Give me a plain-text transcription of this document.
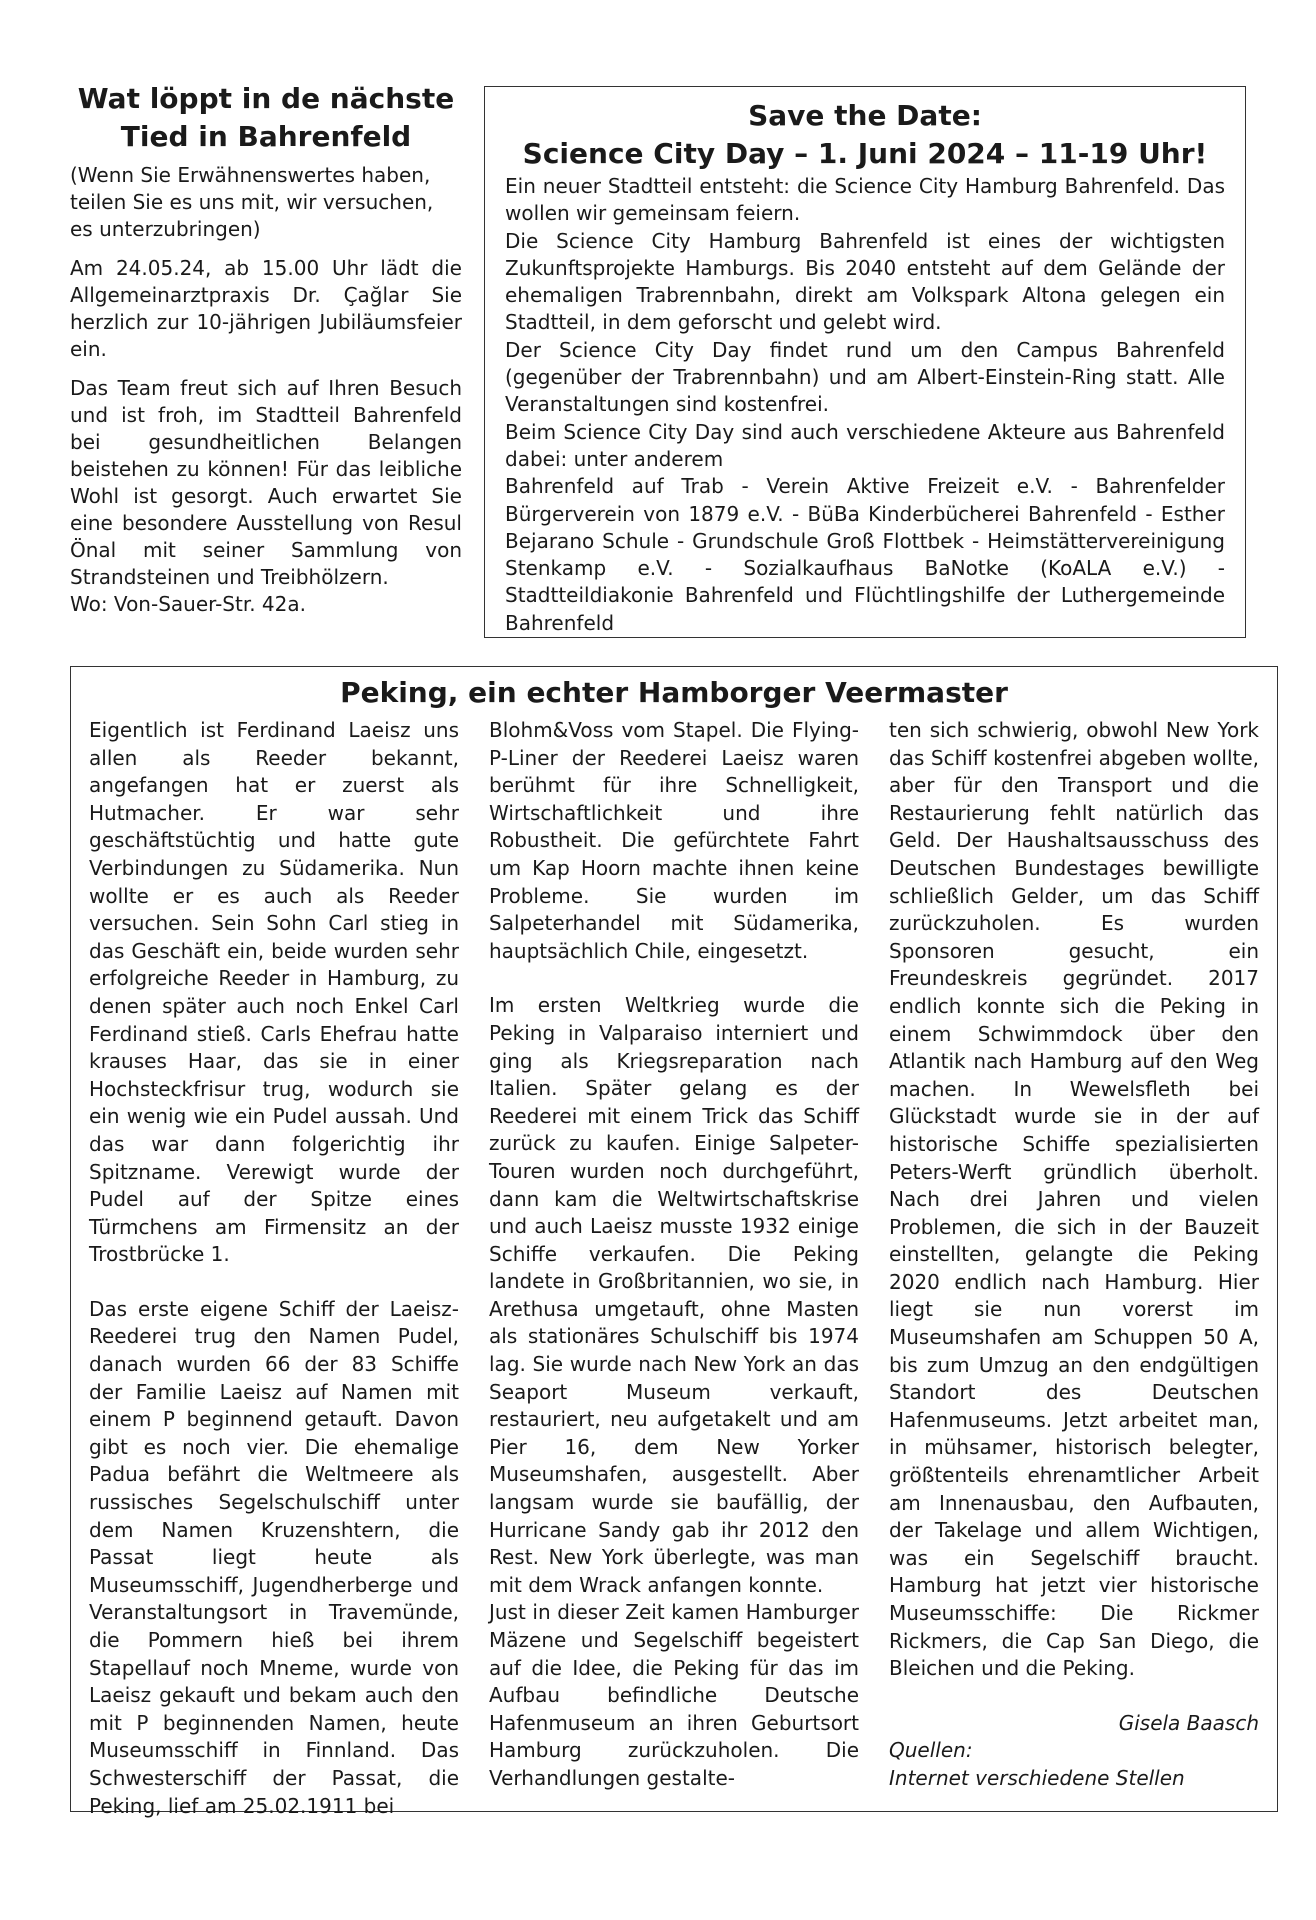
Wat löppt in de nächste
Tied in Bahrenfeld

(Wenn Sie Erwähnenswertes haben, teilen Sie es uns mit, wir versuchen, es unterzubringen)

Am 24.05.24, ab 15.00 Uhr lädt die Allgemeinarztpraxis Dr. Çağlar Sie herzlich zur 10-jährigen Jubiläumsfeier ein.

Das Team freut sich auf Ihren Besuch und ist froh, im Stadtteil Bahrenfeld bei gesundheitlichen Belangen beistehen zu können! Für das leibliche Wohl ist gesorgt. Auch erwartet Sie eine besondere Ausstellung von Resul Önal mit seiner Sammlung von Strandsteinen und Treibhölzern.

Wo: Von-Sauer-Str. 42a.

Save the Date:
Science City Day – 1. Juni 2024 – 11-19 Uhr!

Ein neuer Stadtteil entsteht: die Science City Hamburg Bahrenfeld. Das wollen wir gemeinsam feiern.

Die Science City Hamburg Bahrenfeld ist eines der wichtigsten Zukunftsprojekte Hamburgs. Bis 2040 entsteht auf dem Gelände der ehemaligen Trabrennbahn, direkt am Volkspark Altona gelegen ein Stadtteil, in dem geforscht und gelebt wird.

Der Science City Day findet rund um den Campus Bahrenfeld (gegenüber der Trabrennbahn) und am Albert-Einstein-Ring statt. Alle Veranstaltungen sind kostenfrei.

Beim Science City Day sind auch verschiedene Akteure aus Bahrenfeld dabei: unter anderem

Bahrenfeld auf Trab - Verein Aktive Freizeit e.V. - Bahrenfelder Bürgerverein von 1879 e.V. - BüBa Kinderbücherei Bahrenfeld - Esther Bejarano Schule - Grundschule Groß Flottbek - Heimstättervereinigung Stenkamp e.V. - Sozialkaufhaus BaNotke (KoALA e.V.) - Stadtteildiakonie Bahrenfeld und Flüchtlingshilfe der Luthergemeinde Bahrenfeld

Peking, ein echter Hamborger Veermaster

Eigentlich ist Ferdinand Laeisz uns allen als Reeder bekannt, angefangen hat er zuerst als Hutmacher. Er war sehr geschäftstüchtig und hatte gute Verbindungen zu Südamerika. Nun wollte er es auch als Reeder versuchen. Sein Sohn Carl stieg in das Geschäft ein, beide wurden sehr erfolgreiche Reeder in Hamburg, zu denen später auch noch Enkel Carl Ferdinand stieß. Carls Ehefrau hatte krauses Haar, das sie in einer Hochsteckfrisur trug, wodurch sie ein wenig wie ein Pudel aussah. Und das war dann folgerichtig ihr Spitzname. Verewigt wurde der Pudel auf der Spitze eines Türmchens am Firmensitz an der Trostbrücke 1.

Das erste eigene Schiff der Laeisz-Reederei trug den Namen Pudel, danach wurden 66 der 83 Schiffe der Familie Laeisz auf Namen mit einem P beginnend getauft. Davon gibt es noch vier. Die ehemalige Padua befährt die Weltmeere als russisches Segelschulschiff unter dem Namen Kruzenshtern, die Passat liegt heute als Museumsschiff, Jugendherberge und Veranstaltungsort in Travemünde, die Pommern hieß bei ihrem Stapellauf noch Mneme, wurde von Laeisz gekauft und bekam auch den mit P beginnenden Namen, heute Museumsschiff in Finnland. Das Schwesterschiff der Passat, die Peking, lief am 25.02.1911 bei

Blohm&Voss vom Stapel. Die Flying-P-Liner der Reederei Laeisz waren berühmt für ihre Schnelligkeit, Wirtschaftlichkeit und ihre Robustheit. Die gefürchtete Fahrt um Kap Hoorn machte ihnen keine Probleme. Sie wurden im Salpeterhandel mit Südamerika, hauptsächlich Chile, eingesetzt.

Im ersten Weltkrieg wurde die Peking in Valparaiso interniert und ging als Kriegsreparation nach Italien. Später gelang es der Reederei mit einem Trick das Schiff zurück zu kaufen. Einige Salpeter-Touren wurden noch durchgeführt, dann kam die Weltwirtschaftskrise und auch Laeisz musste 1932 einige Schiffe verkaufen. Die Peking landete in Großbritannien, wo sie, in Arethusa umgetauft, ohne Masten als stationäres Schulschiff bis 1974 lag. Sie wurde nach New York an das Seaport Museum verkauft, restauriert, neu aufgetakelt und am Pier 16, dem New Yorker Museumshafen, ausgestellt. Aber langsam wurde sie baufällig, der Hurricane Sandy gab ihr 2012 den Rest. New York überlegte, was man mit dem Wrack anfangen konnte.

Just in dieser Zeit kamen Hamburger Mäzene und Segelschiff begeistert auf die Idee, die Peking für das im Aufbau befindliche Deutsche Hafenmuseum an ihren Geburtsort Hamburg zurückzuholen. Die Verhandlungen gestalte-

ten sich schwierig, obwohl New York das Schiff kostenfrei abgeben wollte, aber für den Transport und die Restaurierung fehlt natürlich das Geld. Der Haushaltsausschuss des Deutschen Bundestages bewilligte schließlich Gelder, um das Schiff zurückzuholen. Es wurden Sponsoren gesucht, ein Freundeskreis gegründet. 2017 endlich konnte sich die Peking in einem Schwimmdock über den Atlantik nach Hamburg auf den Weg machen. In Wewelsfleth bei Glückstadt wurde sie in der auf historische Schiffe spezialisierten Peters-Werft gründlich überholt. Nach drei Jahren und vielen Problemen, die sich in der Bauzeit einstellten, gelangte die Peking 2020 endlich nach Hamburg. Hier liegt sie nun vorerst im Museumshafen am Schuppen 50 A, bis zum Umzug an den endgültigen Standort des Deutschen Hafenmuseums. Jetzt arbeitet man, in mühsamer, historisch belegter, größtenteils ehrenamtlicher Arbeit am Innenausbau, den Aufbauten, der Takelage und allem Wichtigen, was ein Segelschiff braucht. Hamburg hat jetzt vier historische Museumsschiffe: Die Rickmer Rickmers, die Cap San Diego, die Bleichen und die Peking.

Gisela Baasch
Quellen:
Internet verschiedene Stellen
